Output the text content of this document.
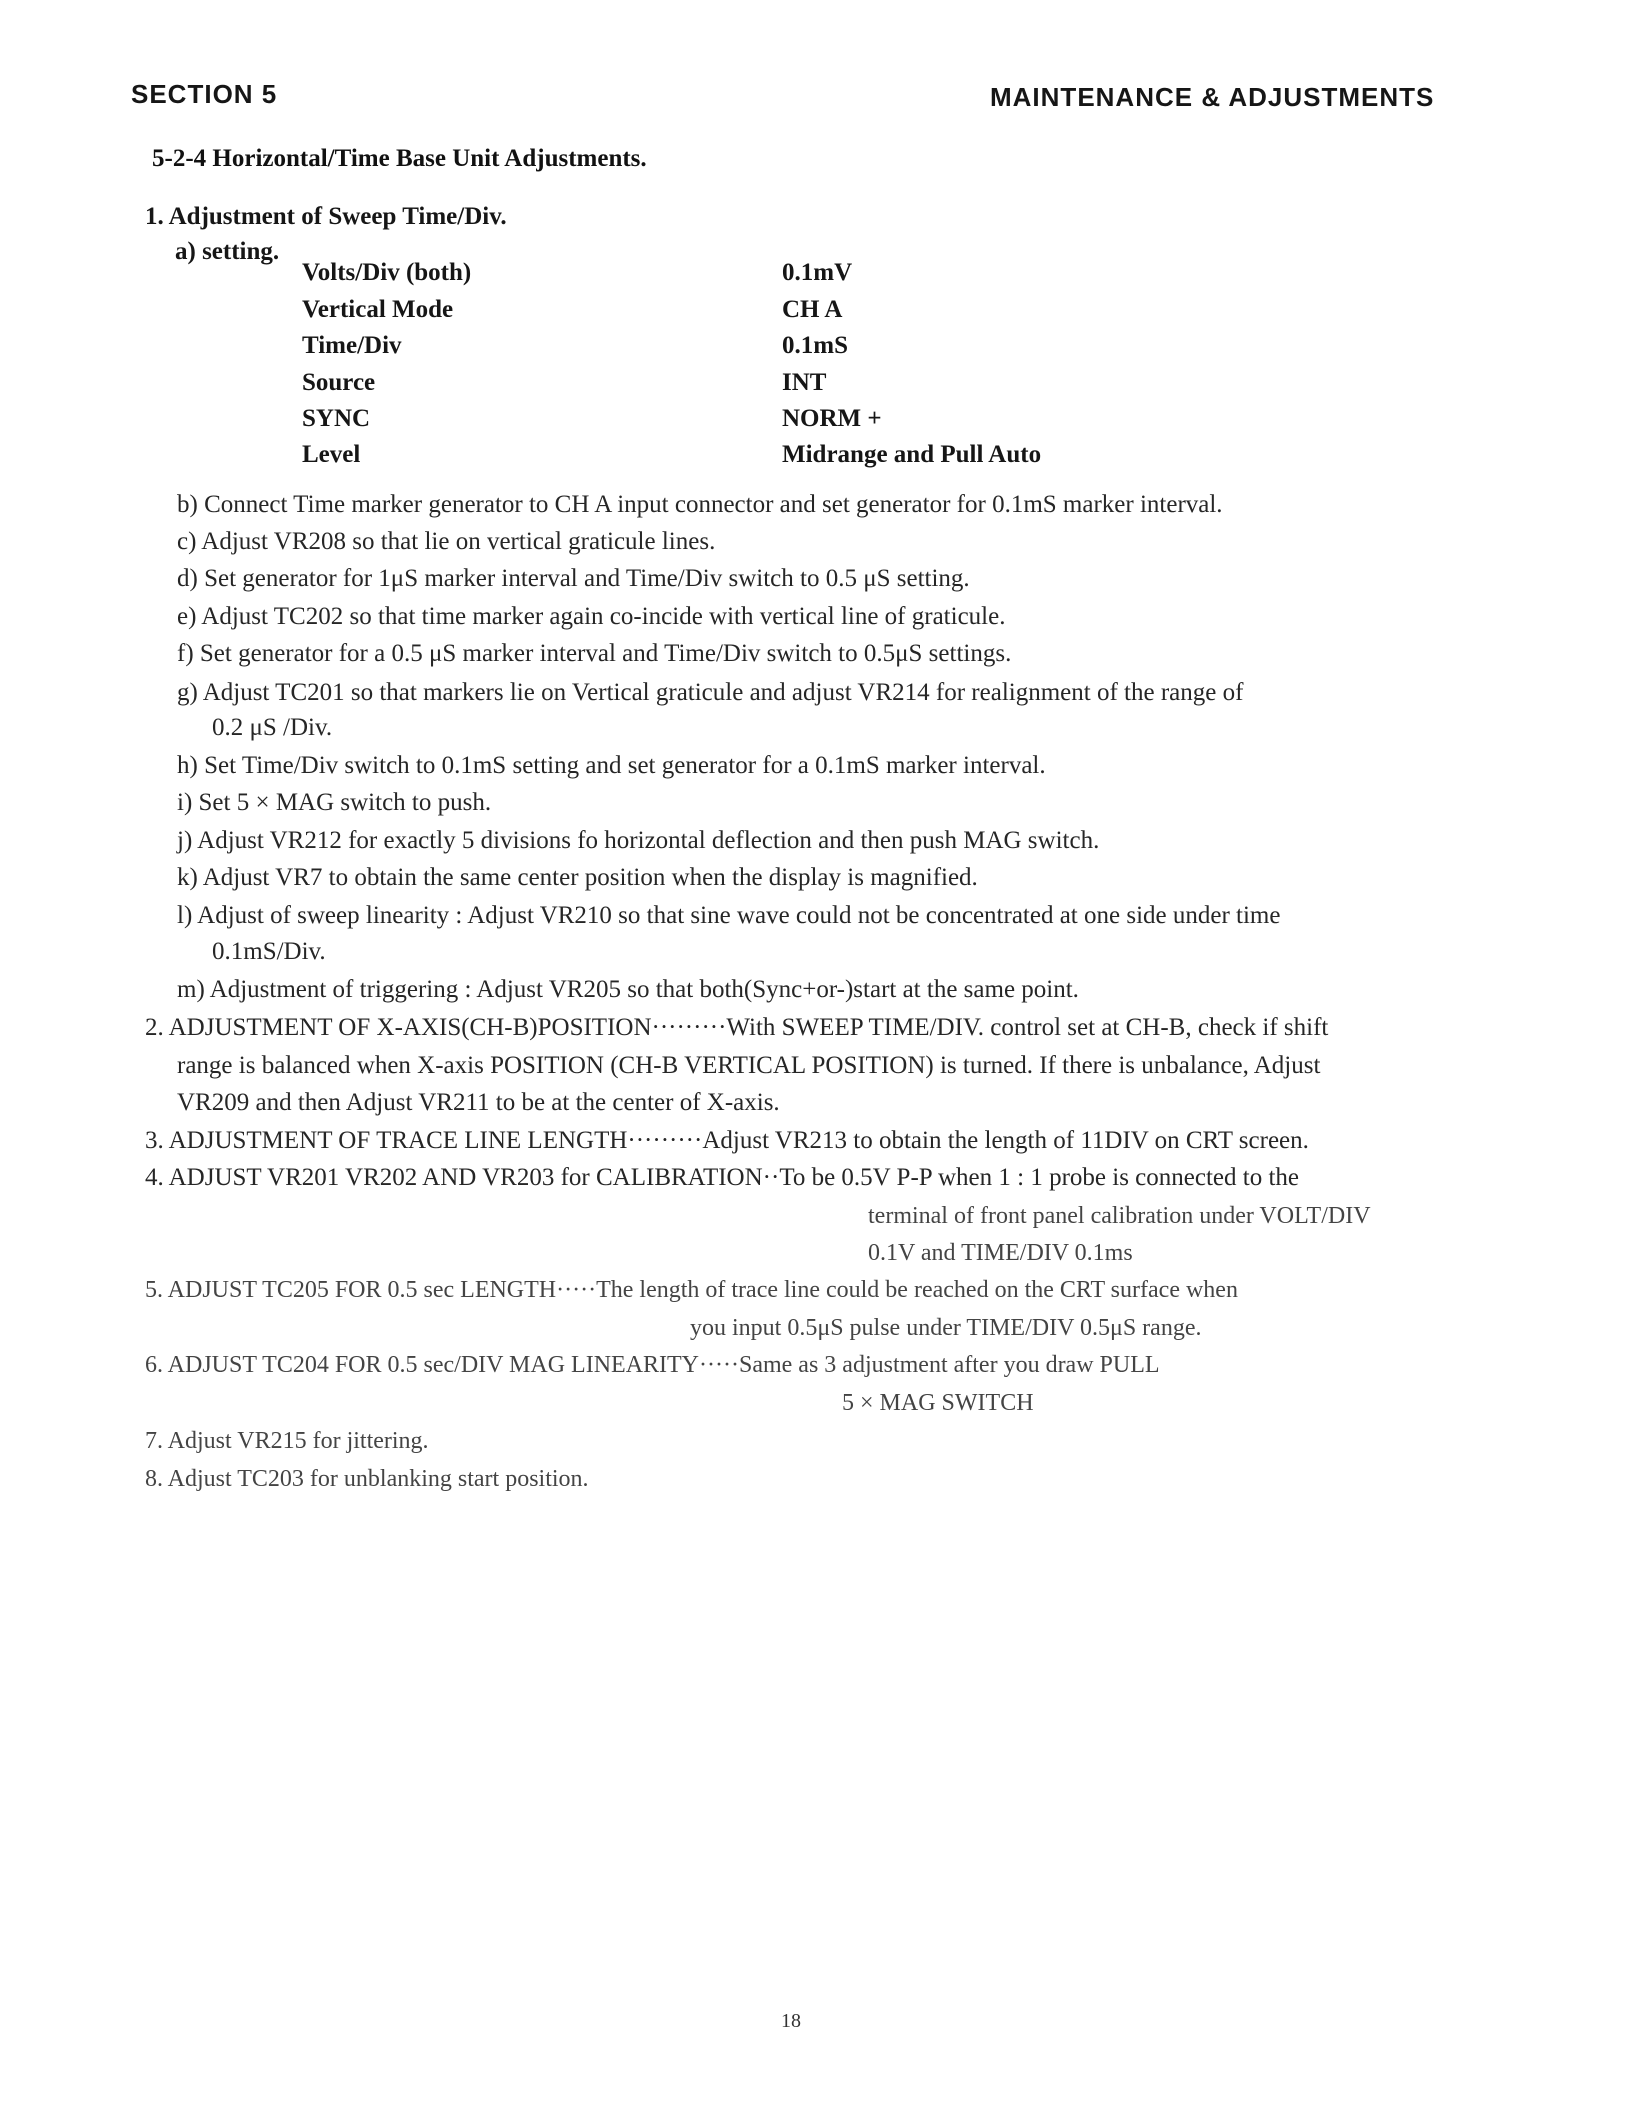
SECTION 5	MAINTENANCE & ADJUSTMENTS
5-2-4 Horizontal/Time Base Unit Adjustments.
1. Adjustment of Sweep Time/Div.
a) setting.
Volts/Div (both)	0.1mV
Vertical Mode	CH A
Time/Div	0.1mS
Source	INT
SYNC	NORM +
Level	Midrange and Pull Auto
b) Connect Time marker generator to CH A input connector and set generator for 0.1mS marker interval.
c) Adjust VR208 so that lie on vertical graticule lines.
d) Set generator for 1μS marker interval and Time/Div switch to 0.5 μS setting.
e) Adjust TC202 so that time marker again co-incide with vertical line of graticule.
f) Set generator for a 0.5 μS marker interval and Time/Div switch to 0.5μS settings.
g) Adjust TC201 so that markers lie on Vertical graticule and adjust VR214 for realignment of the range of
0.2 μS /Div.
h) Set Time/Div switch to 0.1mS setting and set generator for a 0.1mS marker interval.
i) Set 5 × MAG switch to push.
j) Adjust VR212 for exactly 5 divisions fo horizontal deflection and then push MAG switch.
k) Adjust VR7 to obtain the same center position when the display is magnified.
l) Adjust of sweep linearity : Adjust VR210 so that sine wave could not be concentrated at one side under time
0.1mS/Div.
m) Adjustment of triggering : Adjust VR205 so that both(Sync+or-)start at the same point.
2. ADJUSTMENT OF X-AXIS(CH-B)POSITION·········With SWEEP TIME/DIV. control set at CH-B, check if shift
range is balanced when X-axis POSITION (CH-B VERTICAL POSITION) is turned. If there is unbalance, Adjust
VR209 and then Adjust VR211 to be at the center of X-axis.
3. ADJUSTMENT OF TRACE LINE LENGTH·········Adjust VR213 to obtain the length of 11DIV on CRT screen.
4. ADJUST VR201 VR202 AND VR203 for CALIBRATION··To be 0.5V P-P when 1 : 1 probe is connected to the
terminal of front panel calibration under VOLT/DIV
0.1V and TIME/DIV 0.1ms
5. ADJUST TC205 FOR 0.5 sec LENGTH·····The length of trace line could be reached on the CRT surface when
you input 0.5μS pulse under TIME/DIV 0.5μS range.
6. ADJUST TC204 FOR 0.5 sec/DIV MAG LINEARITY·····Same as 3 adjustment after you draw PULL
5 × MAG SWITCH
7. Adjust VR215 for jittering.
8. Adjust TC203 for unblanking start position.
18
